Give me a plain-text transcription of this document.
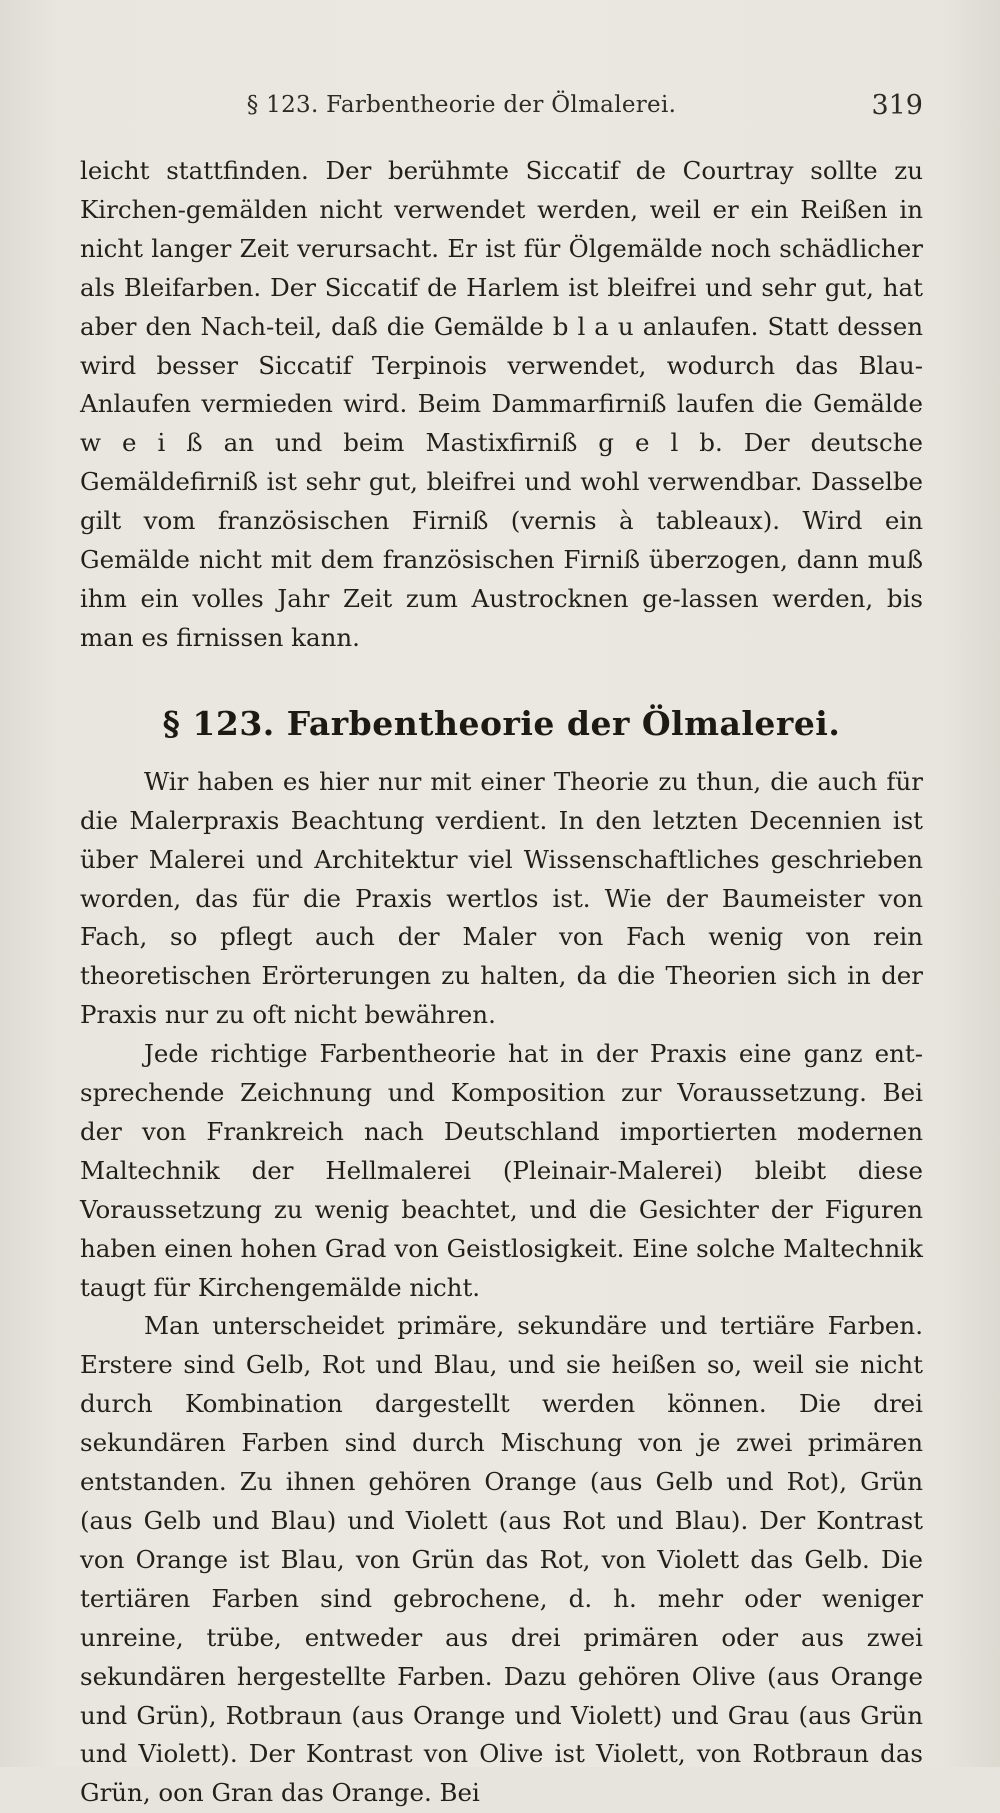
§ 123. Farbentheorie der Ölmalerei.	319

leicht stattfinden. Der berühmte Siccatif de Courtray sollte zu Kirchen-gemälden nicht verwendet werden, weil er ein Reißen in nicht langer Zeit verursacht. Er ist für Ölgemälde noch schädlicher als Bleifarben. Der Siccatif de Harlem ist bleifrei und sehr gut, hat aber den Nach-teil, daß die Gemälde b l a u anlaufen. Statt dessen wird besser Siccatif Terpinois verwendet, wodurch das Blau-Anlaufen vermieden wird. Beim Dammarfirniß laufen die Gemälde w e i ß an und beim Mastixfirniß g e l b. Der deutsche Gemäldefirniß ist sehr gut, bleifrei und wohl verwendbar. Dasselbe gilt vom französischen Firniß (vernis à tableaux). Wird ein Gemälde nicht mit dem französischen Firniß überzogen, dann muß ihm ein volles Jahr Zeit zum Austrocknen ge-lassen werden, bis man es firnissen kann.

§ 123. Farbentheorie der Ölmalerei.

Wir haben es hier nur mit einer Theorie zu thun, die auch für die Malerpraxis Beachtung verdient. In den letzten Decennien ist über Malerei und Architektur viel Wissenschaftliches geschrieben worden, das für die Praxis wertlos ist. Wie der Baumeister von Fach, so pflegt auch der Maler von Fach wenig von rein theoretischen Erörterungen zu halten, da die Theorien sich in der Praxis nur zu oft nicht bewähren.

Jede richtige Farbentheorie hat in der Praxis eine ganz ent-sprechende Zeichnung und Komposition zur Voraussetzung. Bei der von Frankreich nach Deutschland importierten modernen Maltechnik der Hellmalerei (Pleinair-Malerei) bleibt diese Voraussetzung zu wenig beachtet, und die Gesichter der Figuren haben einen hohen Grad von Geistlosigkeit. Eine solche Maltechnik taugt für Kirchengemälde nicht.

Man unterscheidet primäre, sekundäre und tertiäre Farben. Erstere sind Gelb, Rot und Blau, und sie heißen so, weil sie nicht durch Kombination dargestellt werden können. Die drei sekundären Farben sind durch Mischung von je zwei primären entstanden. Zu ihnen gehören Orange (aus Gelb und Rot), Grün (aus Gelb und Blau) und Violett (aus Rot und Blau). Der Kontrast von Orange ist Blau, von Grün das Rot, von Violett das Gelb. Die tertiären Farben sind gebrochene, d. h. mehr oder weniger unreine, trübe, entweder aus drei primären oder aus zwei sekundären hergestellte Farben. Dazu gehören Olive (aus Orange und Grün), Rotbraun (aus Orange und Violett) und Grau (aus Grün und Violett). Der Kontrast von Olive ist Violett, von Rotbraun das Grün, oon Gran das Orange. Bei
